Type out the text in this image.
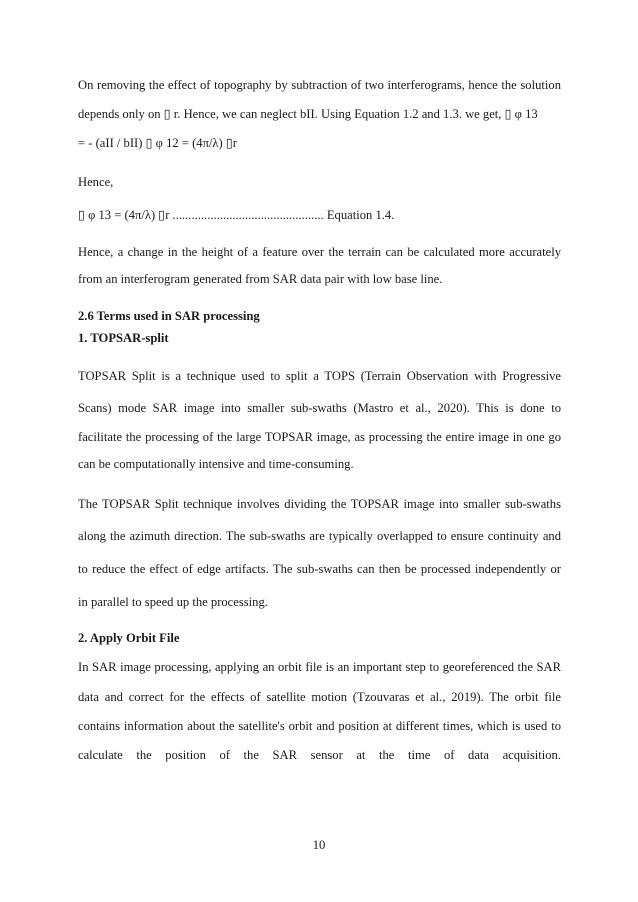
On removing the effect of topography by subtraction of two interferograms, hence the solution
depends only on ▯ r. Hence, we can neglect bII. Using Equation 1.2 and 1.3. we get, ▯ φ 13
= - (aII / bII) ▯ φ 12 = (4π/λ) ▯r
Hence,
▯ φ 13 = (4π/λ) ▯r ................................................ Equation 1.4.
Hence, a change in the height of a feature over the terrain can be calculated more accurately
from an interferogram generated from SAR data pair with low base line.
2.6 Terms used in SAR processing
1. TOPSAR-split
TOPSAR Split is a technique used to split a TOPS (Terrain Observation with Progressive
Scans) mode SAR image into smaller sub-swaths (Mastro et al., 2020). This is done to
facilitate the processing of the large TOPSAR image, as processing the entire image in one go
can be computationally intensive and time-consuming.
The TOPSAR Split technique involves dividing the TOPSAR image into smaller sub-swaths
along the azimuth direction. The sub-swaths are typically overlapped to ensure continuity and
to reduce the effect of edge artifacts. The sub-swaths can then be processed independently or
in parallel to speed up the processing.
2. Apply Orbit File
In SAR image processing, applying an orbit file is an important step to georeferenced the SAR
data and correct for the effects of satellite motion (Tzouvaras et al., 2019). The orbit file
contains information about the satellite's orbit and position at different times, which is used to
calculate the position of the SAR sensor at the time of data acquisition.
10
